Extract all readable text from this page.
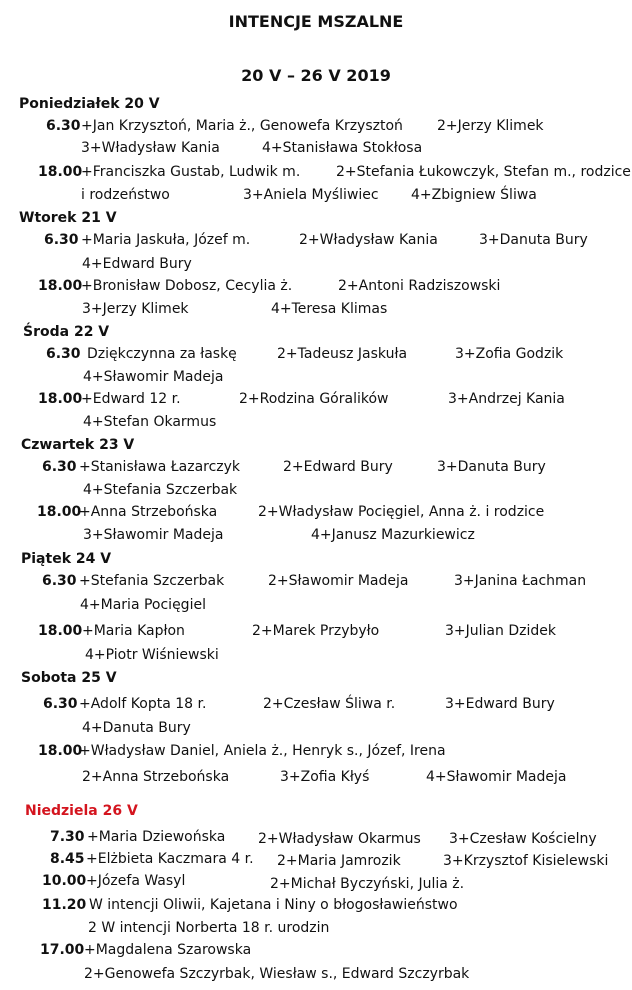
INTENCJE MSZALNE
20 V – 26 V 2019
Poniedziałek 20 V
6.30 +Jan Krzysztoń, Maria ż., Genowefa Krzysztoń 2+Jerzy Klimek
3+Władysław Kania	4+Stanisława Stokłosa
18.00
+Franciszka Gustab, Ludwik m.	2+Stefania Łukowczyk, Stefan m., rodzice
i rodzeństwo	3+Aniela Myśliwiec 4+Zbigniew Śliwa
Wtorek 21 V
6.30 +Maria Jaskuła, Józef m.	2+Władysław Kania	3+Danuta Bury
4+Edward Bury
18.00
+Bronisław Dobosz, Cecylia ż.	2+Antoni Radziszowski
3+Jerzy Klimek	4+Teresa Klimas
Środa 22 V
6.30 Dziękczynna za łaskę	2+Tadeusz Jaskuła	3+Zofia Godzik
4+Sławomir Madeja
18.00
+Edward 12 r.	2+Rodzina Góralików	3+Andrzej Kania
4+Stefan Okarmus
Czwartek 23 V
6.30 +Stanisława Łazarczyk	2+Edward Bury	3+Danuta Bury
4+Stefania Szczerbak
18.00
+Anna Strzebońska	2+Władysław Pocięgiel, Anna ż. i rodzice
3+Sławomir Madeja	4+Janusz Mazurkiewicz
Piątek 24 V
6.30 +Stefania Szczerbak	2+Sławomir Madeja	3+Janina Łachman
4+Maria Pocięgiel
18.00 +Maria Kapłon	2+Marek Przybyło	3+Julian Dzidek
4+Piotr Wiśniewski
Sobota 25 V
6.30 +Adolf Kopta 18 r.	2+Czesław Śliwa r.	3+Edward Bury
4+Danuta Bury
18.00
+Władysław Daniel, Aniela ż., Henryk s., Józef, Irena
2+Anna Strzebońska	3+Zofia Kłyś	4+Sławomir Madeja
Niedziela 26 V
7.30 +Maria Dziewońska 2+Władysław Okarmus 3+Czesław Kościelny
8.45 +Elżbieta Kaczmara 4 r. 2+Maria Jamrozik	3+Krzysztof Kisielewski
10.00 +Józefa Wasyl	2+Michał Byczyński, Julia ż.
11.20 W intencji Oliwii, Kajetana i Niny o błogosławieństwo
2 W intencji Norberta 18 r. urodzin
17.00 +Magdalena Szarowska
2+Genowefa Szczyrbak, Wiesław s., Edward Szczyrbak
